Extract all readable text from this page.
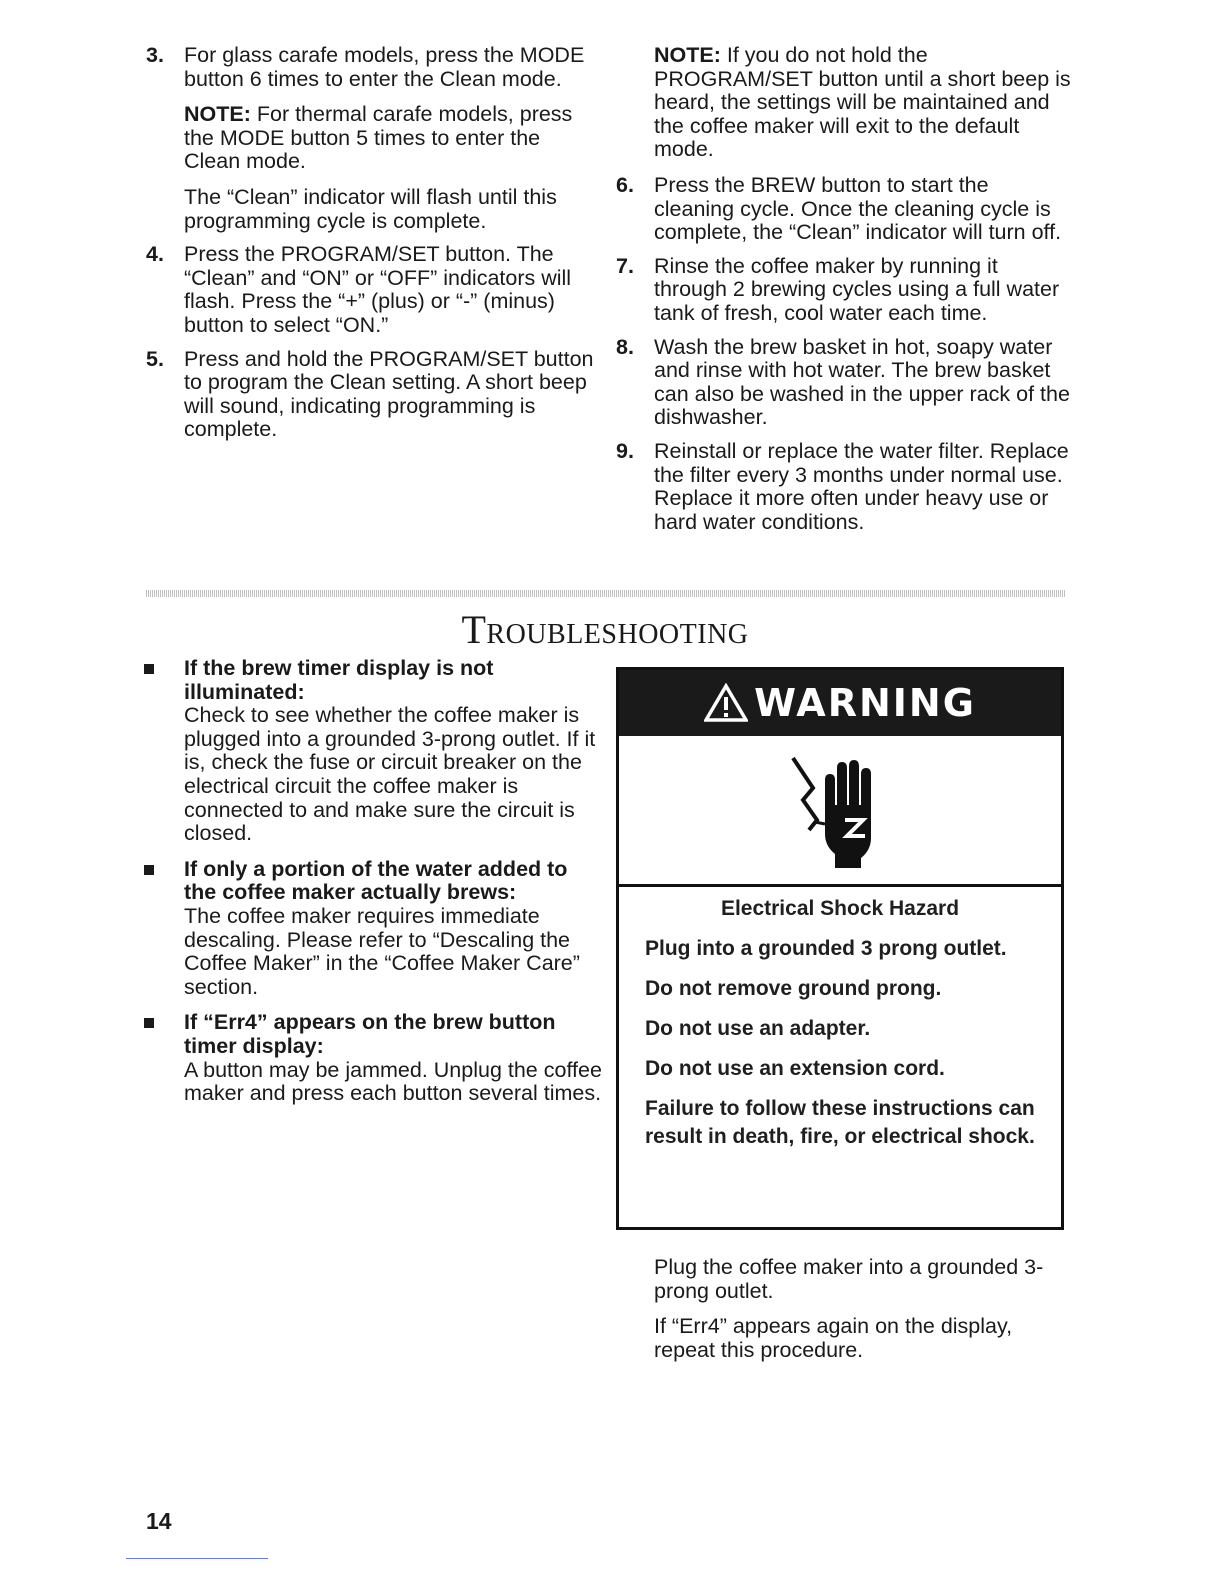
3. For glass carafe models, press the MODE button 6 times to enter the Clean mode.

NOTE: For thermal carafe models, press the MODE button 5 times to enter the Clean mode.

The “Clean” indicator will flash until this programming cycle is complete.

4. Press the PROGRAM/SET button. The “Clean” and “ON” or “OFF” indicators will flash. Press the “+” (plus) or “-” (minus) button to select “ON.”

5. Press and hold the PROGRAM/SET button to program the Clean setting. A short beep will sound, indicating programming is complete.

NOTE: If you do not hold the PROGRAM/SET button until a short beep is heard, the settings will be maintained and the coffee maker will exit to the default mode.

6. Press the BREW button to start the cleaning cycle. Once the cleaning cycle is complete, the “Clean” indicator will turn off.

7. Rinse the coffee maker by running it through 2 brewing cycles using a full water tank of fresh, cool water each time.

8. Wash the brew basket in hot, soapy water and rinse with hot water. The brew basket can also be washed in the upper rack of the dishwasher.

9. Reinstall or replace the water filter. Replace the filter every 3 months under normal use. Replace it more often under heavy use or hard water conditions.

Troubleshooting
If the brew timer display is not illuminated:
Check to see whether the coffee maker is plugged into a grounded 3-prong outlet. If it is, check the fuse or circuit breaker on the electrical circuit the coffee maker is connected to and make sure the circuit is closed.
If only a portion of the water added to the coffee maker actually brews:
The coffee maker requires immediate descaling. Please refer to “Descaling the Coffee Maker” in the “Coffee Maker Care” section.
If “Err4” appears on the brew button timer display:
A button may be jammed. Unplug the coffee maker and press each button several times.
WARNING
Electrical Shock Hazard

Plug into a grounded 3 prong outlet.

Do not remove ground prong.

Do not use an adapter.

Do not use an extension cord.

Failure to follow these instructions can result in death, fire, or electrical shock.

Plug the coffee maker into a grounded 3-prong outlet.

If “Err4” appears again on the display, repeat this procedure.

14
